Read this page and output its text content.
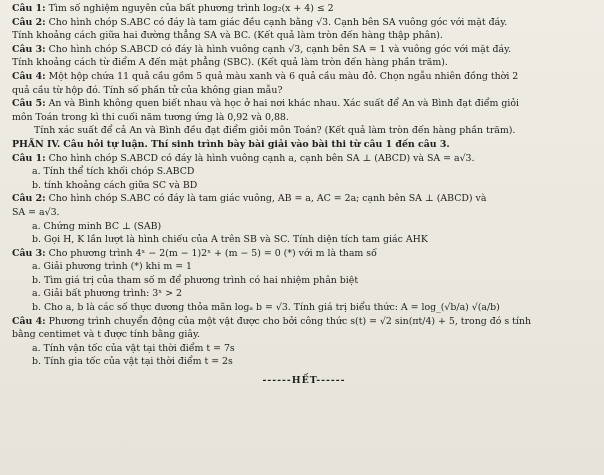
Câu 1: Tìm số nghiệm nguyên của bất phương trình log₂(x + 4) ≤ 2
Câu 2: Cho hình chóp S.ABC có đáy là tam giác đều cạnh bằng √3. Cạnh bên SA vuông góc với mặt đáy.
Tính khoảng cách giữa hai đường thẳng SA và BC. (Kết quả làm tròn đến hàng thập phân).
Câu 3: Cho hình chóp S.ABCD có đáy là hình vuông cạnh √3, cạnh bên SA = 1 và vuông góc với mặt đáy.
Tính khoảng cách từ điểm A đến mặt phẳng (SBC). (Kết quả làm tròn đến hàng phần trăm).
Câu 4: Một hộp chứa 11 quả cầu gồm 5 quả màu xanh và 6 quả cầu màu đỏ. Chọn ngẫu nhiên đồng thời 2
quả cầu từ hộp đó. Tính số phần tử của không gian mẫu?
Câu 5: An và Bình không quen biết nhau và học ở hai nơi khác nhau. Xác suất để An và Bình đạt điểm giỏi
môn Toán trong kì thi cuối năm tương ứng là 0,92 và 0,88.
Tính xác suất để cả An và Bình đều đạt điểm giỏi môn Toán? (Kết quả làm tròn đến hàng phần trăm).
PHẦN IV. Câu hỏi tự luận. Thí sinh trình bày bài giải vào bài thi từ câu 1 đến câu 3.
Câu 1: Cho hình chóp S.ABCD có đáy là hình vuông cạnh a, cạnh bên SA ⊥ (ABCD) và SA = a√3.
a. Tính thể tích khối chóp S.ABCD
b. tính khoảng cách giữa SC và BD
Câu 2: Cho hình chóp S.ABC có đáy là tam giác vuông, AB = a, AC = 2a; cạnh bên SA ⊥ (ABCD) và
SA = a√3.
a. Chứng minh BC ⊥ (SAB)
b. Gọi H, K lần lượt là hình chiếu của A trên SB và SC. Tính diện tích tam giác AHK
Câu 3: Cho phương trình 4ˣ − 2(m − 1)2ˣ + (m − 5) = 0 (*) với m là tham số
a. Giải phương trình (*) khi m = 1
b. Tìm giá trị của tham số m để phương trình có hai nhiệm phân biệt
a. Giải bất phương trình: 3ˣ > 2
b. Cho a, b là các số thực dương thỏa mãn logₐ b = √3. Tính giá trị biểu thức: A = log_(√b/a) √(a/b)
Câu 4: Phương trình chuyển động của một vật được cho bởi công thức s(t) = √2 sin(πt/4) + 5, trong đó s tính
bằng centimet và t được tính bằng giây.
a. Tính vận tốc của vật tại thời điểm t = 7s
b. Tính gia tốc của vật tại thời điểm t = 2s
------HẾT------
